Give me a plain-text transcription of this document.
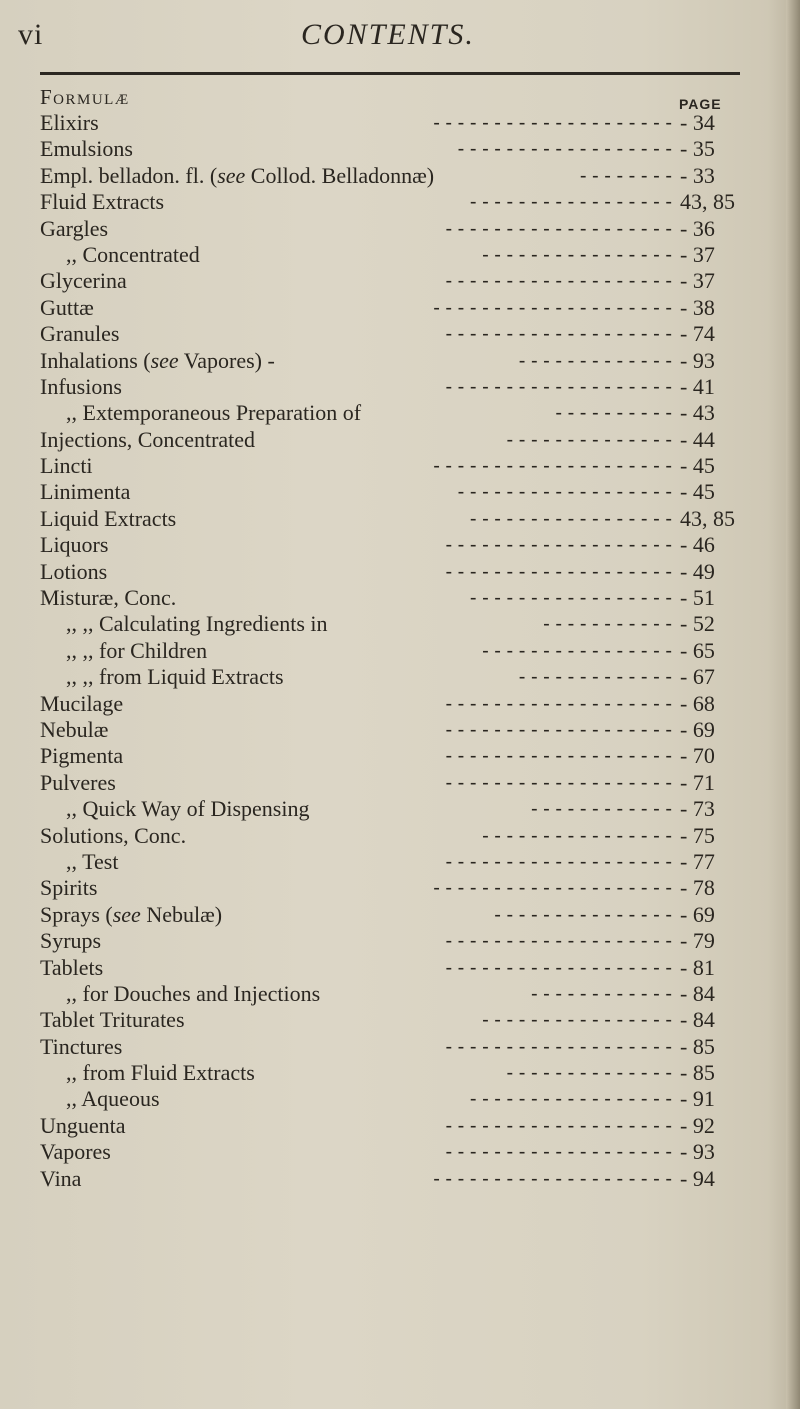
vi	CONTENTS.
Formulæ	PAGE
Elixirs	- - - - - - - - - - - - - - - - - - - - - 34
Emulsions	- - - - - - - - - - - - - - - - - - - 35
Empl. belladon. fl. (see Collod. Belladonnæ)	- - - - - - - - - 33
Fluid Extracts	- - - - - - - - - - - - - - - - - 43, 85
Gargles	- - - - - - - - - - - - - - - - - - - - 36
,, Concentrated	- - - - - - - - - - - - - - - - - 37
Glycerina	- - - - - - - - - - - - - - - - - - - - 37
Guttæ	- - - - - - - - - - - - - - - - - - - - - 38
Granules	- - - - - - - - - - - - - - - - - - - - 74
Inhalations (see Vapores) -	- - - - - - - - - - - - - - 93
Infusions	- - - - - - - - - - - - - - - - - - - - 41
,, Extemporaneous Preparation of	- - - - - - - - - - - 43
Injections, Concentrated	- - - - - - - - - - - - - - - 44
Lincti	- - - - - - - - - - - - - - - - - - - - - 45
Linimenta	- - - - - - - - - - - - - - - - - - - 45
Liquid Extracts	- - - - - - - - - - - - - - - - - 43, 85
Liquors	- - - - - - - - - - - - - - - - - - - - 46
Lotions	- - - - - - - - - - - - - - - - - - - - 49
Misturæ, Conc.	- - - - - - - - - - - - - - - - - - 51
,, ,, Calculating Ingredients in	- - - - - - - - - - - - 52
,, ,, for Children	- - - - - - - - - - - - - - - - - 65
,, ,, from Liquid Extracts	- - - - - - - - - - - - - - 67
Mucilage	- - - - - - - - - - - - - - - - - - - - 68
Nebulæ	- - - - - - - - - - - - - - - - - - - - 69
Pigmenta	- - - - - - - - - - - - - - - - - - - - 70
Pulveres	- - - - - - - - - - - - - - - - - - - - 71
,, Quick Way of Dispensing	- - - - - - - - - - - - - 73
Solutions, Conc.	- - - - - - - - - - - - - - - - - 75
,, Test	- - - - - - - - - - - - - - - - - - - - 77
Spirits	- - - - - - - - - - - - - - - - - - - - - 78
Sprays (see Nebulæ)	- - - - - - - - - - - - - - - - 69
Syrups	- - - - - - - - - - - - - - - - - - - - 79
Tablets	- - - - - - - - - - - - - - - - - - - - 81
,, for Douches and Injections	- - - - - - - - - - - - - 84
Tablet Triturates	- - - - - - - - - - - - - - - - - 84
Tinctures	- - - - - - - - - - - - - - - - - - - - 85
,, from Fluid Extracts	- - - - - - - - - - - - - - - 85
,, Aqueous	- - - - - - - - - - - - - - - - - - 91
Unguenta	- - - - - - - - - - - - - - - - - - - - 92
Vapores	- - - - - - - - - - - - - - - - - - - - 93
Vina	- - - - - - - - - - - - - - - - - - - - - 94
